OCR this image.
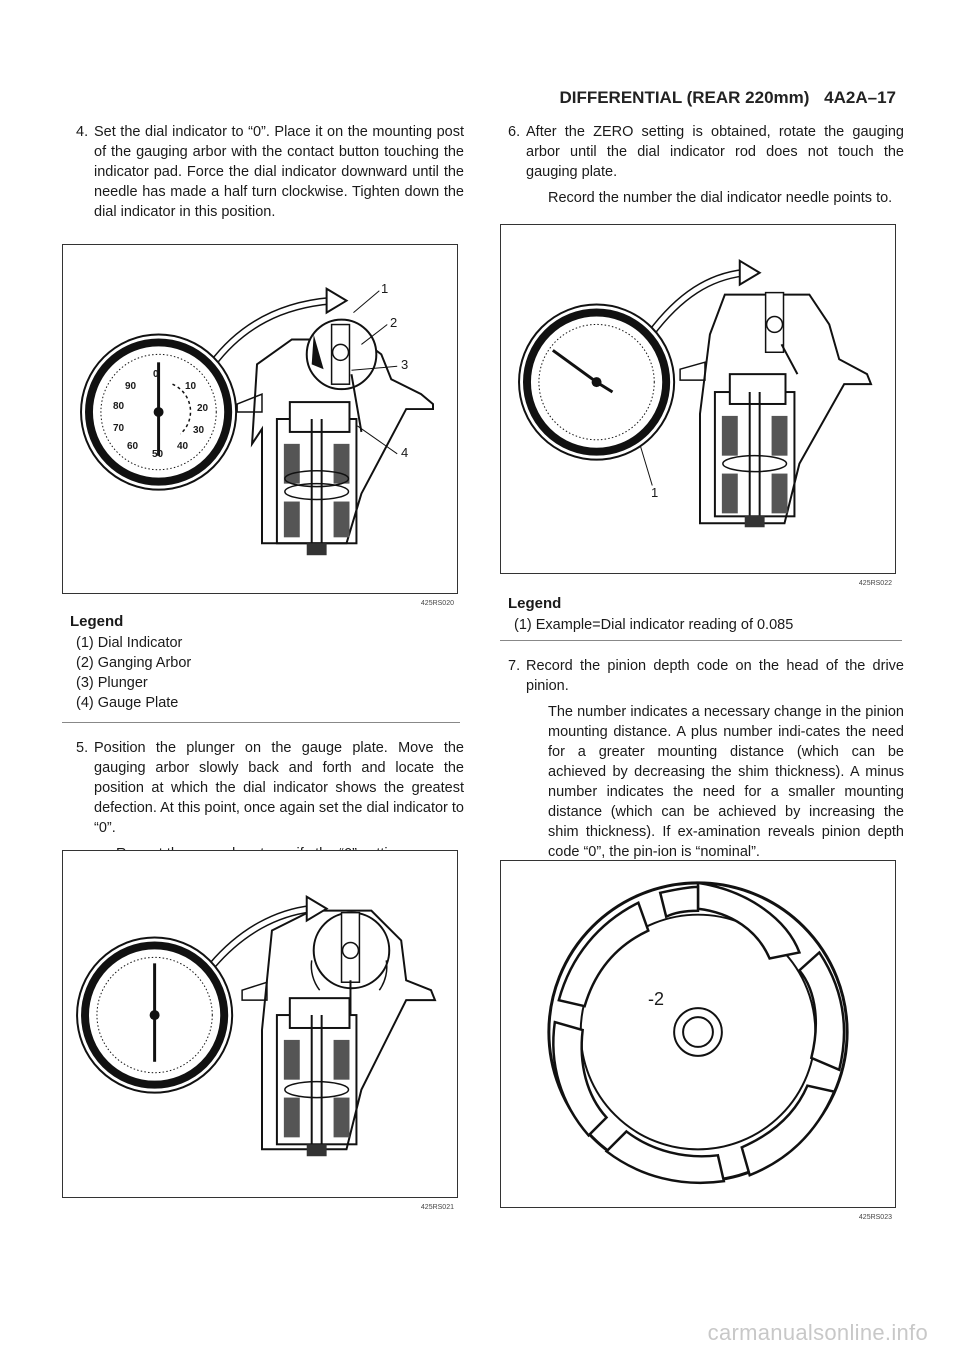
DIFFERENTIAL (REAR 220mm) 4A2A–17
4. Set the dial indicator to “0”. Place it on the mounting post of the gauging arbor with the contact button touching the indicator pad. Force the dial indicator downward until the needle has made a half turn clockwise. Tighten down the dial indicator in this position.
1
2
3
4
0
10
20
30
40
50
60
70
80
90
425RS020
Legend
(1) Dial Indicator
(2) Ganging Arbor
(3) Plunger
(4) Gauge Plate
5. Position the plunger on the gauge plate. Move the gauging arbor slowly back and forth and locate the position at which the dial indicator shows the greatest defection. At this point, once again set the dial indicator to “0”.
425RS021
6. After the ZERO setting is obtained, rotate the gauging arbor until the dial indicator rod does not touch the gauging plate.
Record the number the dial indicator needle points to.
1
425RS022
Legend
(1) Example=Dial indicator reading of 0.085
7. Record the pinion depth code on the head of the drive pinion.
The number indicates a necessary change in the pinion mounting distance. A plus number indi-cates the need for a greater mounting distance (which can be achieved by decreasing the shim thickness). A minus number indicates the need for a smaller mounting distance (which can be achieved by increasing the shim thickness). If ex-amination reveals pinion depth code “0”, the pin-ion is “nominal”.
-2
425RS023
carmanualsonline.info
